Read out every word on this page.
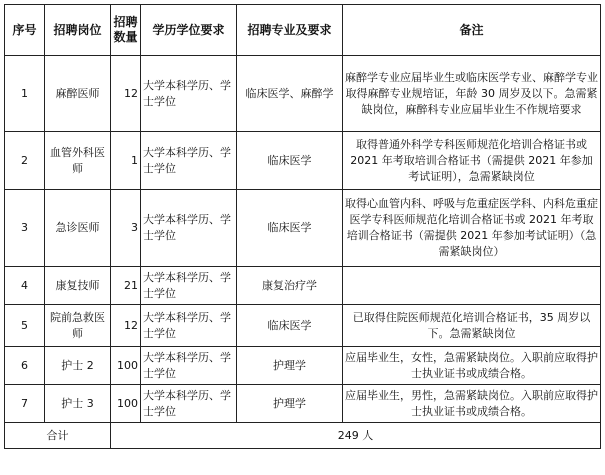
序号	招聘岗位	招聘数量	学历学位要求	招聘专业及要求	备注
1	麻醉医师	12	大学本科学历、学士学位	临床医学、麻醉学	麻醉学专业应届毕业生或临床医学专业、麻醉学专业取得麻醉专业规培证，年龄 30 周岁及以下。急需紧缺岗位，麻醉科专业应届毕业生不作规培要求
2	血管外科医师	1	大学本科学历、学士学位	临床医学	取得普通外科学专科医师规范化培训合格证书或 2021 年考取培训合格证书（需提供 2021 年参加考试证明），急需紧缺岗位
3	急诊医师	3	大学本科学历、学士学位	临床医学	取得心血管内科、呼吸与危重症医学科、内科危重症医学专科医师规范化培训合格证书或 2021 年考取培训合格证书（需提供 2021 年参加考试证明）（急需紧缺岗位）
4	康复技师	21	大学本科学历、学士学位	康复治疗学	
5	院前急救医师	12	大学本科学历、学士学位	临床医学	已取得住院医师规范化培训合格证书，35 周岁以下。急需紧缺岗位
6	护士 2	100	大学本科学历、学士学位	护理学	应届毕业生，女性，急需紧缺岗位。入职前应取得护士执业证书或成绩合格。
7	护士 3	100	大学本科学历、学士学位	护理学	应届毕业生，男性，急需紧缺岗位。入职前应取得护士执业证书或成绩合格。
合计		249 人			
